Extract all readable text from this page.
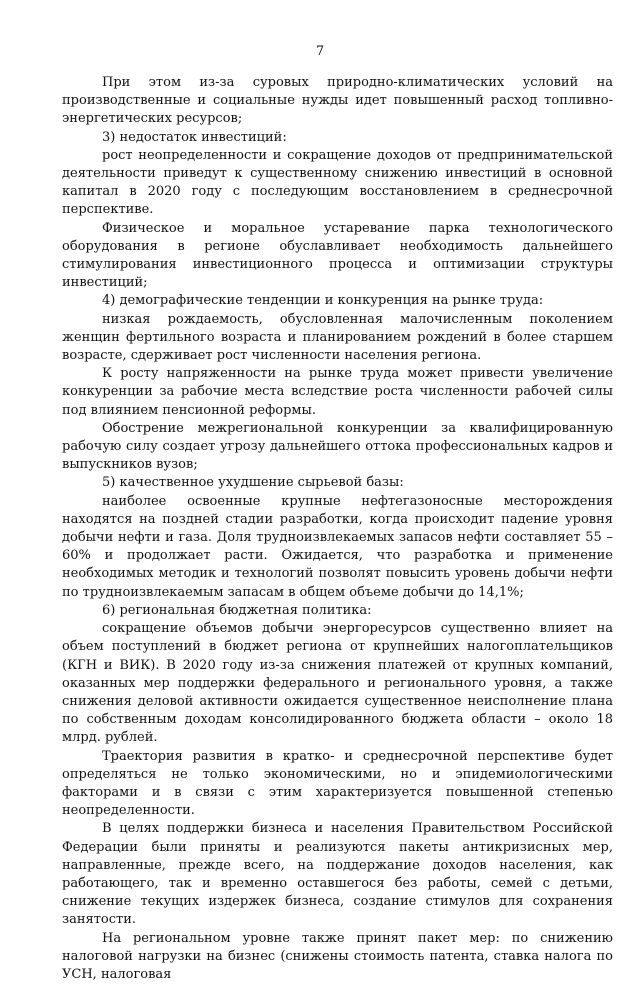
7

При этом из-за суровых природно-климатических условий на производственные и социальные нужды идет повышенный расход топливно-энергетических ресурсов;

3) недостаток инвестиций:

рост неопределенности и сокращение доходов от предпринимательской деятельности приведут к существенному снижению инвестиций в основной капитал в 2020 году с последующим восстановлением в среднесрочной перспективе.

Физическое и моральное устаревание парка технологического оборудования в регионе обуславливает необходимость дальнейшего стимулирования инвестиционного процесса и оптимизации структуры инвестиций;

4) демографические тенденции и конкуренция на рынке труда:

низкая рождаемость, обусловленная малочисленным поколением женщин фертильного возраста и планированием рождений в более старшем возрасте, сдерживает рост численности населения региона.

К росту напряженности на рынке труда может привести увеличение конкуренции за рабочие места вследствие роста численности рабочей силы под влиянием пенсионной реформы.

Обострение межрегиональной конкуренции за квалифицированную рабочую силу создает угрозу дальнейшего оттока профессиональных кадров и выпускников вузов;

5) качественное ухудшение сырьевой базы:

наиболее освоенные крупные нефтегазоносные месторождения находятся на поздней стадии разработки, когда происходит падение уровня добычи нефти и газа. Доля трудноизвлекаемых запасов нефти составляет 55 – 60% и продолжает расти. Ожидается, что разработка и применение необходимых методик и технологий позволят повысить уровень добычи нефти по трудноизвлекаемым запасам в общем объеме добычи до 14,1%;

6) региональная бюджетная политика:

сокращение объемов добычи энергоресурсов существенно влияет на объем поступлений в бюджет региона от крупнейших налогоплательщиков (КГН и ВИК). В 2020 году из-за снижения платежей от крупных компаний, оказанных мер поддержки федерального и регионального уровня, а также снижения деловой активности ожидается существенное неисполнение плана по собственным доходам консолидированного бюджета области – около 18 млрд. рублей.

Траектория развития в кратко- и среднесрочной перспективе будет определяться не только экономическими, но и эпидемиологическими факторами и в связи с этим характеризуется повышенной степенью неопределенности.

В целях поддержки бизнеса и населения Правительством Российской Федерации были приняты и реализуются пакеты антикризисных мер, направленные, прежде всего, на поддержание доходов населения, как работающего, так и временно оставшегося без работы, семей с детьми, снижение текущих издержек бизнеса, создание стимулов для сохранения занятости.

На региональном уровне также принят пакет мер: по снижению налоговой нагрузки на бизнес (снижены стоимость патента, ставка налога по УСН, налоговая
